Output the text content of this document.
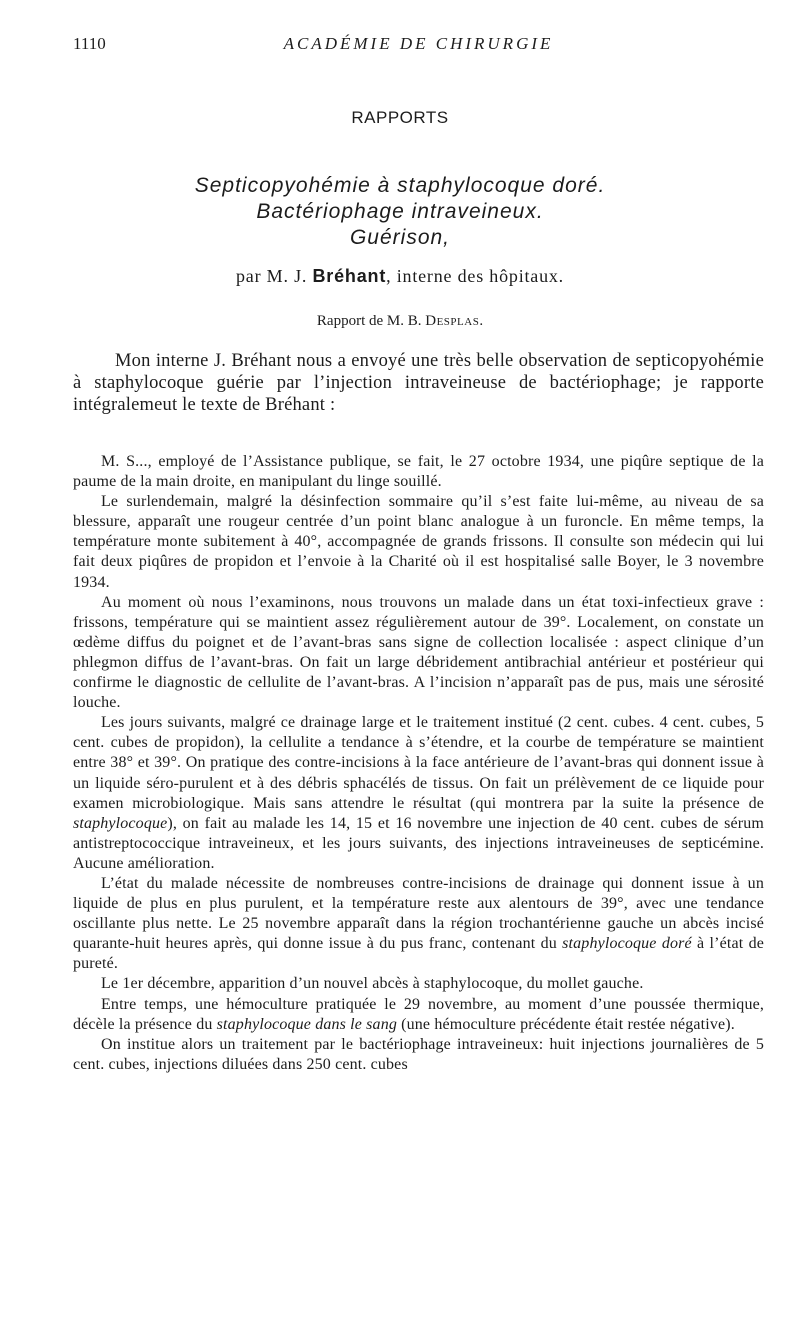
1110	ACADÉMIE DE CHIRURGIE
RAPPORTS
Septicopyohémie à staphylocoque doré.
Bactériophage intraveineux.
Guérison,
par M. J. Bréhant, interne des hôpitaux.
Rapport de M. B. Desplas.
Mon interne J. Bréhant nous a envoyé une très belle observation de septicopyohémie à staphylocoque guérie par l’injection intraveineuse de bactériophage; je rapporte intégralemeut le texte de Bréhant :

M. S..., employé de l’Assistance publique, se fait, le 27 octobre 1934, une piqûre septique de la paume de la main droite, en manipulant du linge souillé.

Le surlendemain, malgré la désinfection sommaire qu’il s’est faite lui-même, au niveau de sa blessure, apparaît une rougeur centrée d’un point blanc analogue à un furoncle. En même temps, la température monte subitement à 40°, accompagnée de grands frissons. Il consulte son médecin qui lui fait deux piqûres de propidon et l’envoie à la Charité où il est hospitalisé salle Boyer, le 3 novembre 1934.

Au moment où nous l’examinons, nous trouvons un malade dans un état toxi-infectieux grave : frissons, température qui se maintient assez régulièrement autour de 39°. Localement, on constate un œdème diffus du poignet et de l’avant-bras sans signe de collection localisée : aspect clinique d’un phlegmon diffus de l’avant-bras. On fait un large débridement antibrachial antérieur et postérieur qui confirme le diagnostic de cellulite de l’avant-bras. A l’incision n’apparaît pas de pus, mais une sérosité louche.

Les jours suivants, malgré ce drainage large et le traitement institué (2 cent. cubes. 4 cent. cubes, 5 cent. cubes de propidon), la cellulite a tendance à s’étendre, et la courbe de température se maintient entre 38° et 39°. On pratique des contre-incisions à la face antérieure de l’avant-bras qui donnent issue à un liquide séro-purulent et à des débris sphacélés de tissus. On fait un prélèvement de ce liquide pour examen microbiologique. Mais sans attendre le résultat (qui montrera par la suite la présence de staphylocoque), on fait au malade les 14, 15 et 16 novembre une injection de 40 cent. cubes de sérum antistreptococcique intraveineux, et les jours suivants, des injections intraveineuses de septicémine. Aucune amélioration.

L’état du malade nécessite de nombreuses contre-incisions de drainage qui donnent issue à un liquide de plus en plus purulent, et la température reste aux alentours de 39°, avec une tendance oscillante plus nette. Le 25 novembre apparaît dans la région trochantérienne gauche un abcès incisé quarante-huit heures après, qui donne issue à du pus franc, contenant du staphylocoque doré à l’état de pureté.

Le 1er décembre, apparition d’un nouvel abcès à staphylocoque, du mollet gauche.

Entre temps, une hémoculture pratiquée le 29 novembre, au moment d’une poussée thermique, décèle la présence du staphylocoque dans le sang (une hémoculture précédente était restée négative).

On institue alors un traitement par le bactériophage intraveineux: huit injections journalières de 5 cent. cubes, injections diluées dans 250 cent. cubes
